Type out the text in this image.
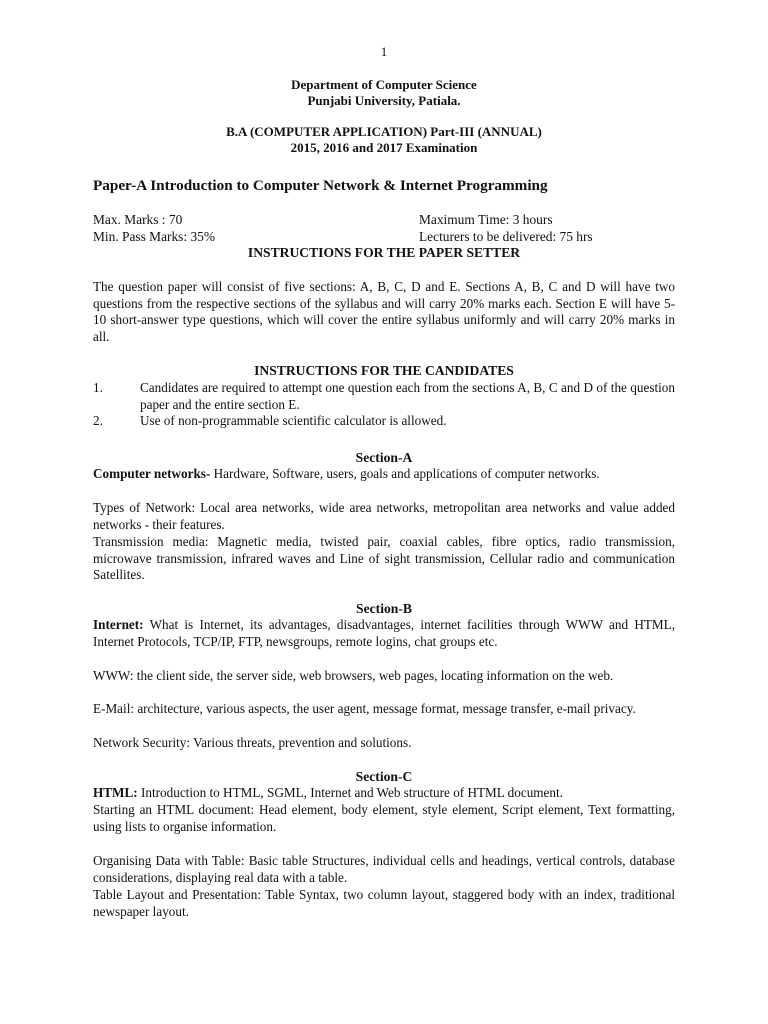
1
Department of Computer Science
Punjabi University, Patiala.
B.A (COMPUTER APPLICATION) Part-III (ANNUAL)
2015, 2016 and 2017 Examination
Paper-A Introduction to Computer Network & Internet Programming
Max. Marks : 70	Maximum Time: 3 hours
Min. Pass Marks: 35%	Lecturers to be delivered: 75 hrs
INSTRUCTIONS FOR THE PAPER SETTER
The question paper will consist of five sections: A, B, C, D and E. Sections A, B, C and D will have two questions from the respective sections of the syllabus and will carry 20% marks each. Section E will have 5-10 short-answer type questions, which will cover the entire syllabus uniformly and will carry 20% marks in all.
INSTRUCTIONS FOR THE CANDIDATES
1.	Candidates are required to attempt one question each from the sections A, B, C and D of the question paper and the entire section E.
2.	Use of non-programmable scientific calculator is allowed.
Section-A
Computer networks- Hardware, Software, users, goals and applications of computer networks.
Types of Network: Local area networks, wide area networks, metropolitan area networks and value added networks - their features.
Transmission media: Magnetic media, twisted pair, coaxial cables, fibre optics, radio transmission, microwave transmission, infrared waves and Line of sight transmission, Cellular radio and communication Satellites.
Section-B
Internet: What is Internet, its advantages, disadvantages, internet facilities through WWW and HTML, Internet Protocols, TCP/IP, FTP, newsgroups, remote logins, chat groups etc.
WWW: the client side, the server side, web browsers, web pages, locating information on the web.
E-Mail: architecture, various aspects, the user agent, message format, message transfer, e-mail privacy.
Network Security: Various threats, prevention and solutions.
Section-C
HTML: Introduction to HTML, SGML, Internet and Web structure of HTML document.
Starting an HTML document: Head element, body element, style element, Script element, Text formatting, using lists to organise information.
Organising Data with Table: Basic table Structures, individual cells and headings, vertical controls, database considerations, displaying real data with a table.
Table Layout and Presentation: Table Syntax, two column layout, staggered body with an index, traditional newspaper layout.
